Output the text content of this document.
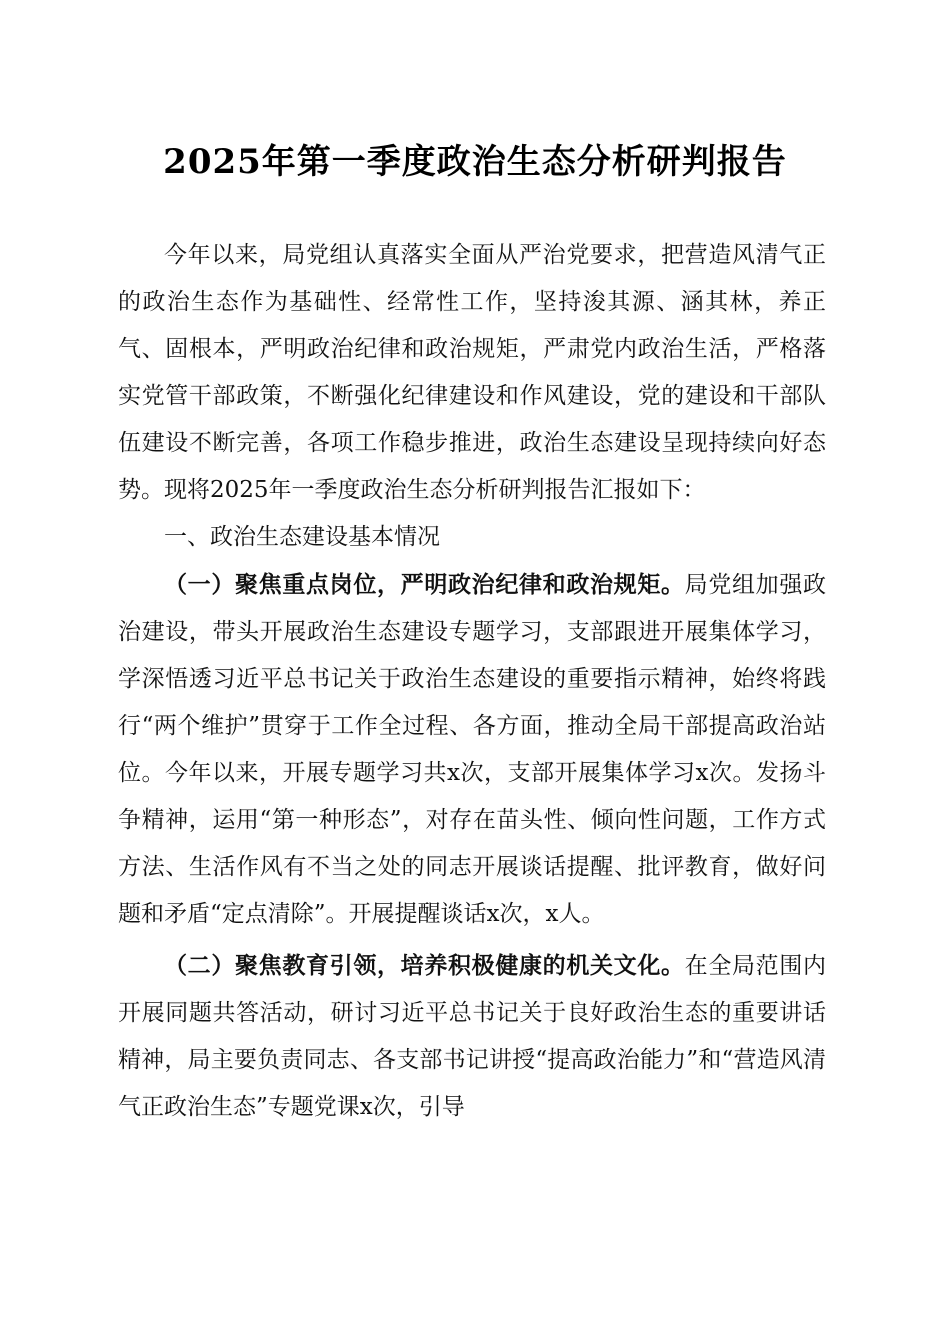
2025年第一季度政治生态分析研判报告

今年以来，局党组认真落实全面从严治党要求，把营造风清气正的政治生态作为基础性、经常性工作，坚持浚其源、涵其林，养正气、固根本，严明政治纪律和政治规矩，严肃党内政治生活，严格落实党管干部政策，不断强化纪律建设和作风建设，党的建设和干部队伍建设不断完善，各项工作稳步推进，政治生态建设呈现持续向好态势。现将2025年一季度政治生态分析研判报告汇报如下：

一、政治生态建设基本情况

（一）聚焦重点岗位，严明政治纪律和政治规矩。局党组加强政治建设，带头开展政治生态建设专题学习，支部跟进开展集体学习，学深悟透习近平总书记关于政治生态建设的重要指示精神，始终将践行“两个维护”贯穿于工作全过程、各方面，推动全局干部提高政治站位。今年以来，开展专题学习共x次，支部开展集体学习x次。发扬斗争精神，运用“第一种形态”，对存在苗头性、倾向性问题，工作方式方法、生活作风有不当之处的同志开展谈话提醒、批评教育，做好问题和矛盾“定点清除”。开展提醒谈话x次，x人。

（二）聚焦教育引领，培养积极健康的机关文化。在全局范围内开展同题共答活动，研讨习近平总书记关于良好政治生态的重要讲话精神，局主要负责同志、各支部书记讲授“提高政治能力”和“营造风清气正政治生态”专题党课x次，引导
